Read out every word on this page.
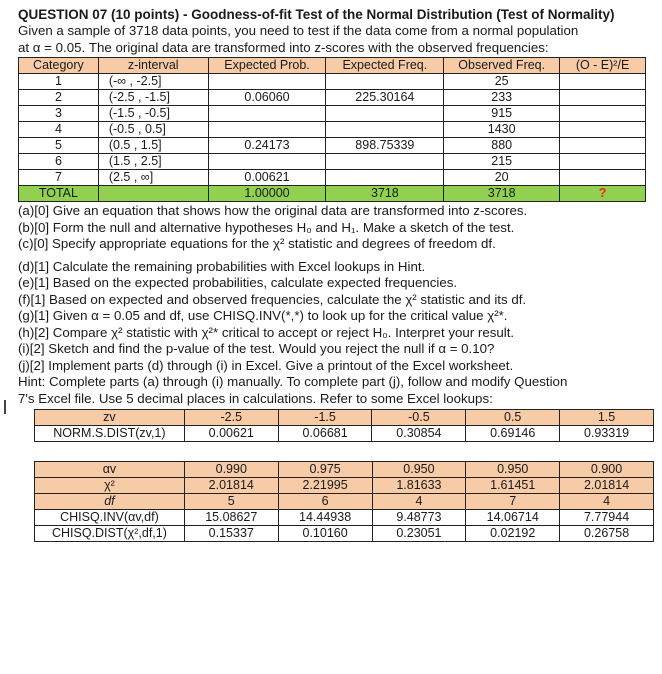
QUESTION 07 (10 points) - Goodness-of-fit Test of the Normal Distribution (Test of Normality)
Given a sample of 3718 data points, you need to test if the data come from a normal population
at α = 0.05. The original data are transformed into z-scores with the observed frequencies:
Category	z-interval	Expected Prob.	Expected Freq.	Observed Freq.	(O - E)²/E
1	(-∞ , -2.5]			25	
2	(-2.5 , -1.5]	0.06060	225.30164	233	
3	(-1.5 , -0.5]			915	
4	(-0.5 , 0.5]			1430	
5	(0.5 , 1.5]	0.24173	898.75339	880	
6	(1.5 , 2.5]			215	
7	(2.5 , ∞]	0.00621		20	
TOTAL		1.00000	3718	3718	?
(a)[0] Give an equation that shows how the original data are transformed into z-scores.
(b)[0] Form the null and alternative hypotheses H₀ and H₁. Make a sketch of the test.
(c)[0] Specify appropriate equations for the χ² statistic and degrees of freedom df.
(d)[1] Calculate the remaining probabilities with Excel lookups in Hint.
(e)[1] Based on the expected probabilities, calculate expected frequencies.
(f)[1] Based on expected and observed frequencies, calculate the χ² statistic and its df.
(g)[1] Given α = 0.05 and df, use CHISQ.INV(*,*) to look up for the critical value χ²*.
(h)[2] Compare χ² statistic with χ²* critical to accept or reject H₀. Interpret your result.
(i)[2] Sketch and find the p-value of the test. Would you reject the null if α = 0.10?
(j)[2] Implement parts (d) through (i) in Excel. Give a printout of the Excel worksheet.
Hint: Complete parts (a) through (i) manually. To complete part (j), follow and modify Question
7's Excel file. Use 5 decimal places in calculations. Refer to some Excel lookups:
zv	-2.5	-1.5	-0.5	0.5	1.5
NORM.S.DIST(zv,1)	0.00621	0.06681	0.30854	0.69146	0.93319
αv	0.990	0.975	0.950	0.950	0.900
χ²	2.01814	2.21995	1.81633	1.61451	2.01814
df	5	6	4	7	4
CHISQ.INV(αv,df)	15.08627	14.44938	9.48773	14.06714	7.77944
CHISQ.DIST(χ²,df,1)	0.15337	0.10160	0.23051	0.02192	0.26758
